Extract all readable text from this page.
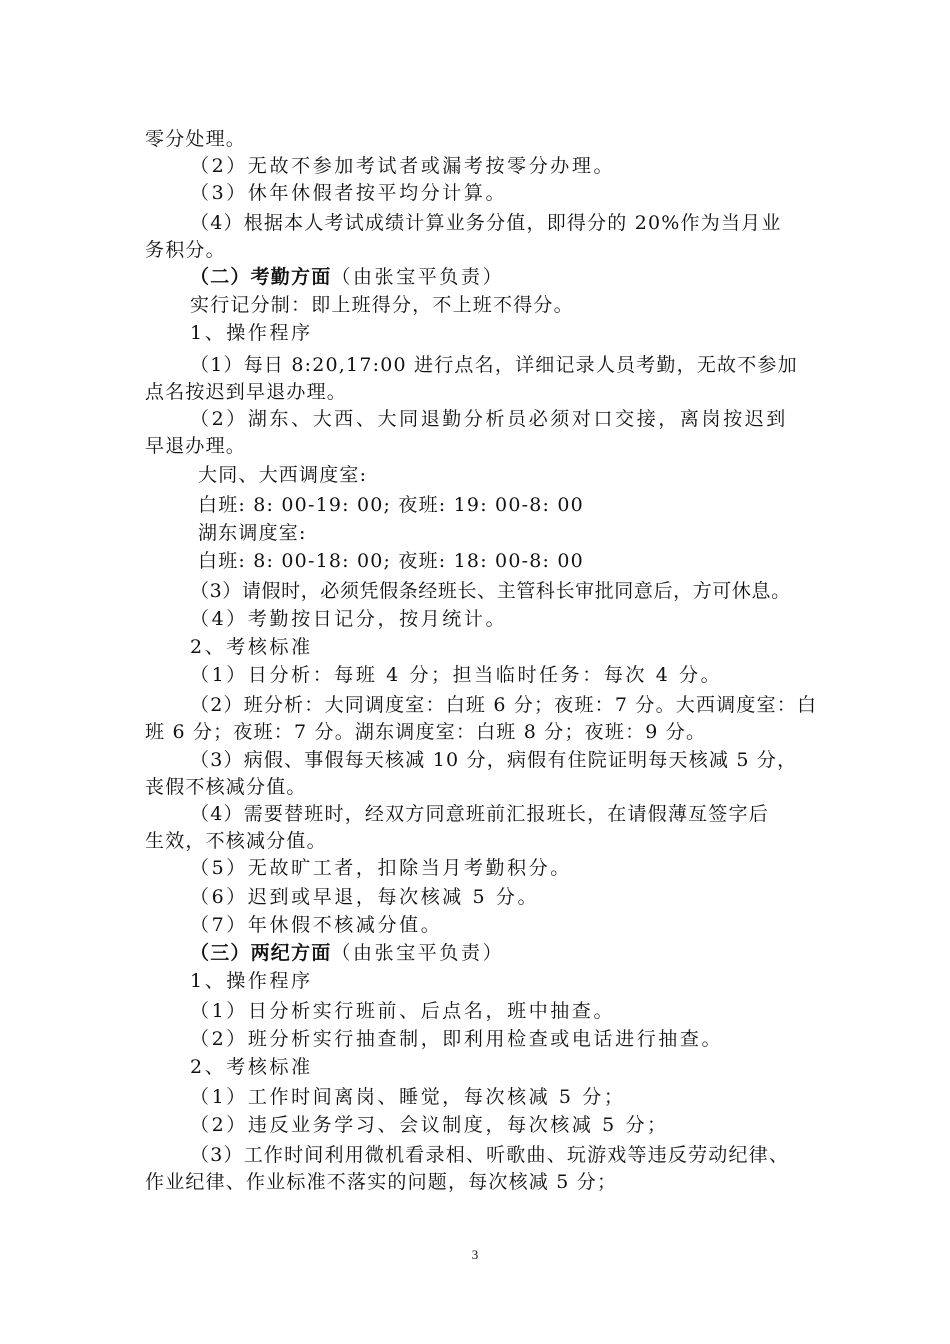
零分处理。

（2）无故不参加考试者或漏考按零分办理。

（3）休年休假者按平均分计算。

（4）根据本人考试成绩计算业务分值，即得分的 20%作为当月业

务积分。

（二）考勤方面（由张宝平负责）

实行记分制：即上班得分，不上班不得分。

1、操作程序

（1）每日 8:20,17:00 进行点名，详细记录人员考勤，无故不参加

点名按迟到早退办理。

（2）湖东、大西、大同退勤分析员必须对口交接，离岗按迟到

早退办理。

大同、大西调度室:

白班: 8: 00-19: 00; 夜班: 19: 00-8: 00

湖东调度室:

白班: 8: 00-18: 00; 夜班: 18: 00-8: 00

（3）请假时，必须凭假条经班长、主管科长审批同意后，方可休息。

（4）考勤按日记分，按月统计。

2、考核标准

（1）日分析：每班 4 分；担当临时任务：每次 4 分。

（2）班分析：大同调度室：白班 6 分；夜班：7 分。大西调度室：白

班 6 分；夜班：7 分。湖东调度室：白班 8 分；夜班：9 分。

（3）病假、事假每天核减 10 分，病假有住院证明每天核减 5 分，

丧假不核减分值。

（4）需要替班时，经双方同意班前汇报班长，在请假薄亙签字后

生效，不核减分值。

（5）无故旷工者，扣除当月考勤积分。

（6）迟到或早退，每次核减 5 分。

（7）年休假不核减分值。

（三）两纪方面（由张宝平负责）

1、操作程序

（1）日分析实行班前、后点名，班中抽查。

（2）班分析实行抽查制，即利用检查或电话进行抽查。

2、考核标准

（1）工作时间离岗、睡觉，每次核减 5 分；

（2）违反业务学习、会议制度，每次核减 5 分；

（3）工作时间利用微机看录相、听歌曲、玩游戏等违反劳动纪律、

作业纪律、作业标准不落实的问题，每次核减 5 分；

3
